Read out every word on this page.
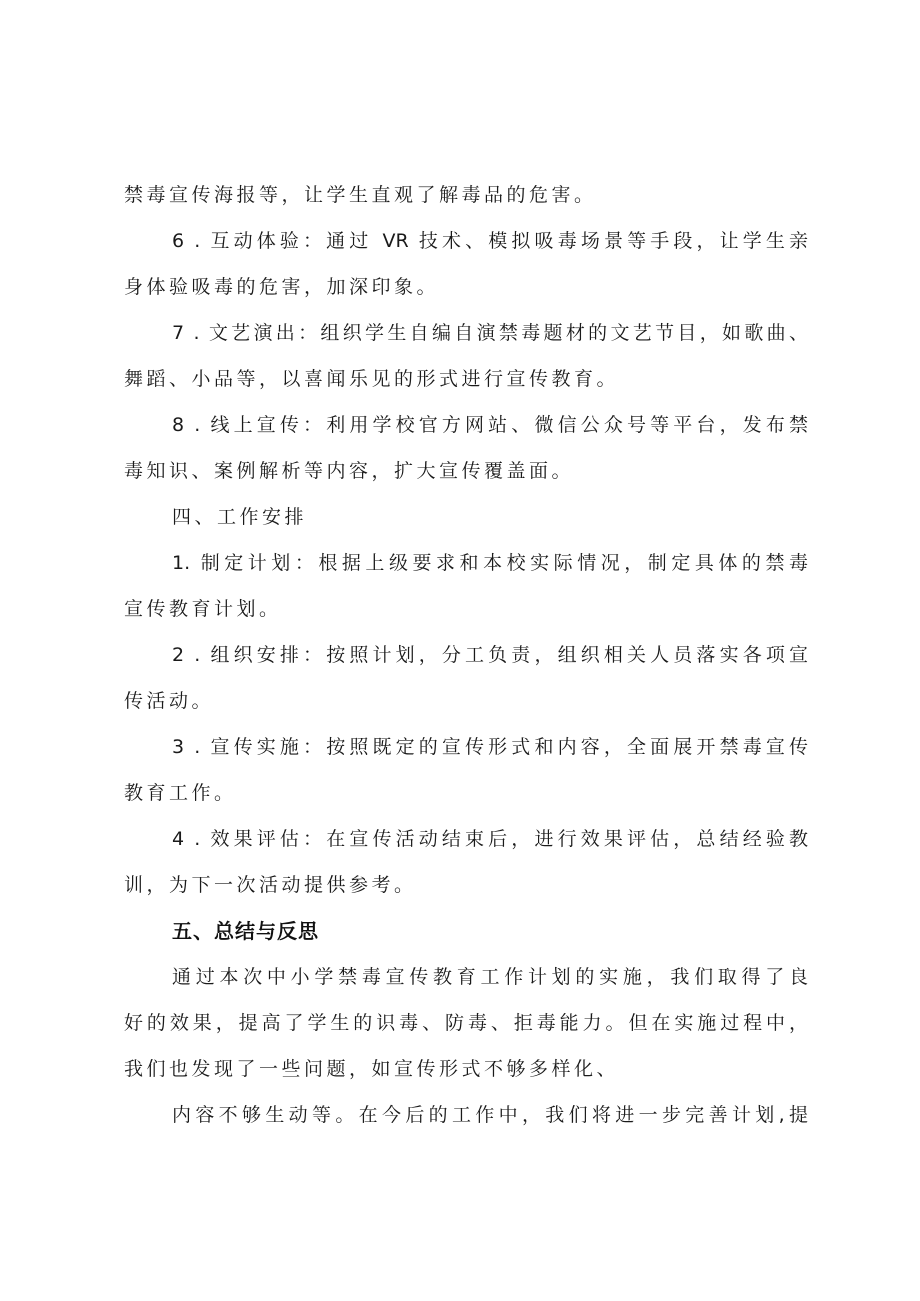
禁毒宣传海报等，让学生直观了解毒品的危害。
6 . 互动体验：通过 VR 技术、模拟吸毒场景等手段，让学生亲
身体验吸毒的危害，加深印象。
7 . 文艺演出：组织学生自编自演禁毒题材的文艺节目，如歌曲、
舞蹈、小品等，以喜闻乐见的形式进行宣传教育。
8 . 线上宣传：利用学校官方网站、微信公众号等平台，发布禁
毒知识、案例解析等内容，扩大宣传覆盖面。
四、工作安排
1. 制定计划：根据上级要求和本校实际情况，制定具体的禁毒
宣传教育计划。
2 . 组织安排：按照计划，分工负责，组织相关人员落实各项宣
传活动。
3 . 宣传实施：按照既定的宣传形式和内容，全面展开禁毒宣传
教育工作。
4 . 效果评估：在宣传活动结束后，进行效果评估，总结经验教
训，为下一次活动提供参考。
五、总结与反思
通过本次中小学禁毒宣传教育工作计划的实施，我们取得了良
好的效果，提高了学生的识毒、防毒、拒毒能力。但在实施过程中，
我们也发现了一些问题，如宣传形式不够多样化、
内容不够生动等。在今后的工作中，我们将进一步完善计划,提
